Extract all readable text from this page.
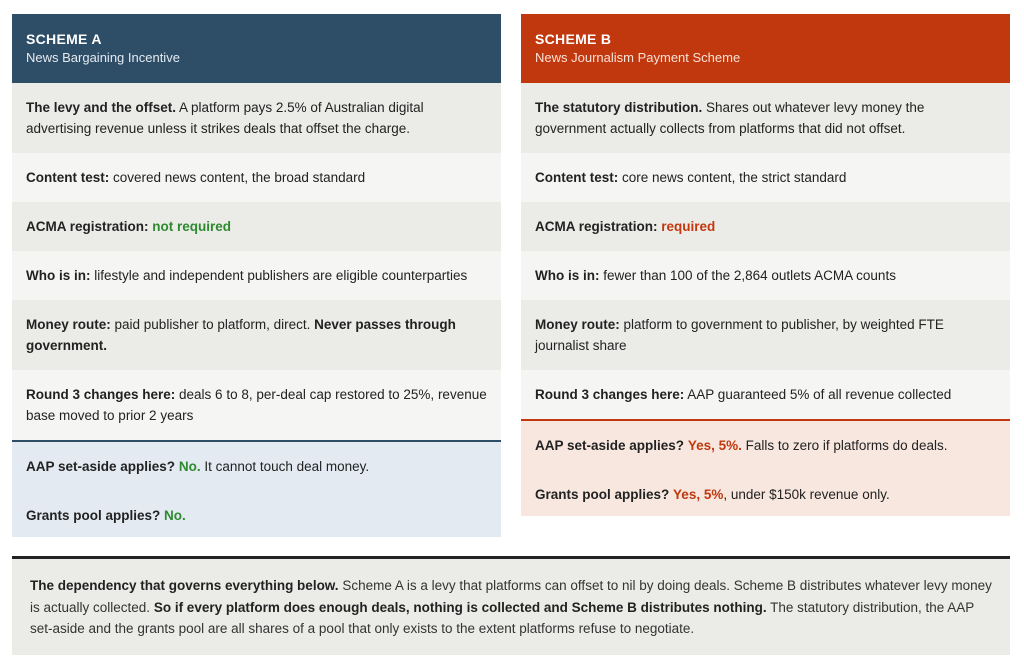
SCHEME A
News Bargaining Incentive

The levy and the offset. A platform pays 2.5% of Australian digital advertising revenue unless it strikes deals that offset the charge.

Content test: covered news content, the broad standard

ACMA registration: not required

Who is in: lifestyle and independent publishers are eligible counterparties

Money route: paid publisher to platform, direct. Never passes through government.

Round 3 changes here: deals 6 to 8, per-deal cap restored to 25%, revenue base moved to prior 2 years

AAP set-aside applies? No. It cannot touch deal money.

Grants pool applies? No.

SCHEME B
News Journalism Payment Scheme

The statutory distribution. Shares out whatever levy money the government actually collects from platforms that did not offset.

Content test: core news content, the strict standard

ACMA registration: required

Who is in: fewer than 100 of the 2,864 outlets ACMA counts

Money route: platform to government to publisher, by weighted FTE journalist share

Round 3 changes here: AAP guaranteed 5% of all revenue collected

AAP set-aside applies? Yes, 5%. Falls to zero if platforms do deals.

Grants pool applies? Yes, 5%, under $150k revenue only.

The dependency that governs everything below. Scheme A is a levy that platforms can offset to nil by doing deals. Scheme B distributes whatever levy money is actually collected. So if every platform does enough deals, nothing is collected and Scheme B distributes nothing. The statutory distribution, the AAP set-aside and the grants pool are all shares of a pool that only exists to the extent platforms refuse to negotiate.
